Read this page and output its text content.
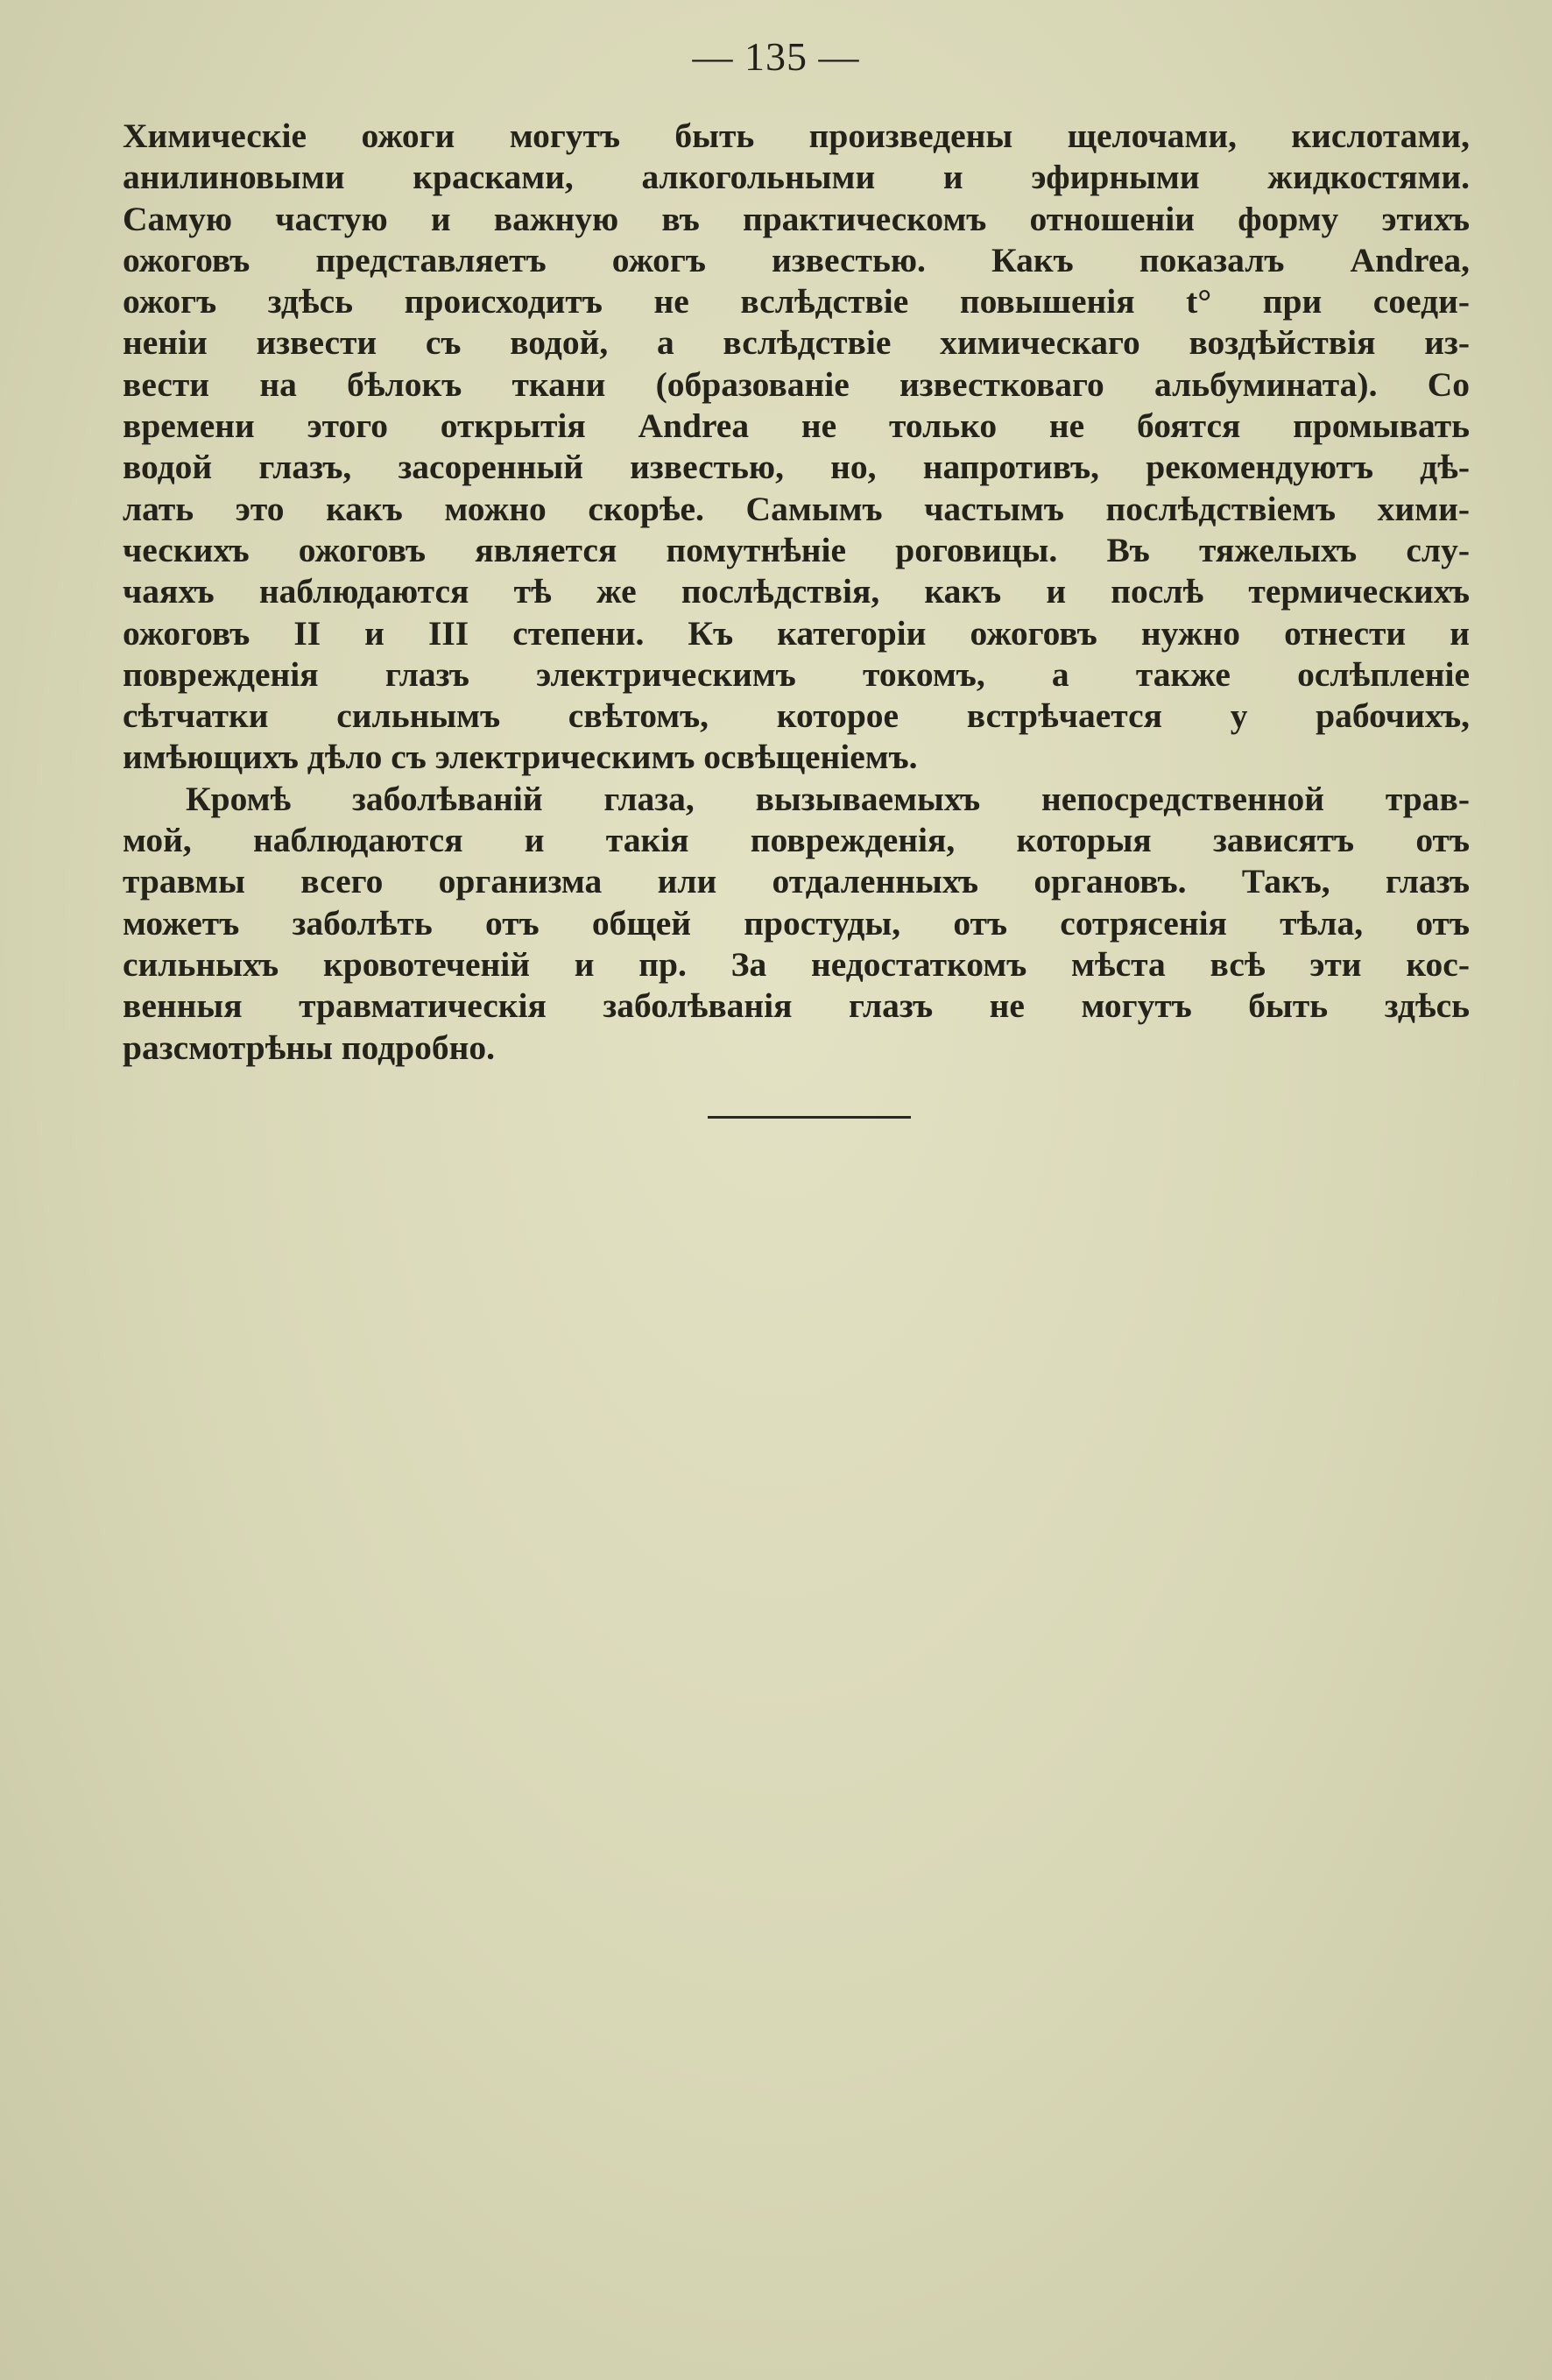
— 135 —

Химическіе ожоги могутъ быть произведены щелочами, кислотами,
анилиновыми красками, алкогольными и эфирными жидкостями.
Самую частую и важную въ практическомъ отношеніи форму этихъ
ожоговъ представляетъ ожогъ известью. Какъ показалъ Andrea,
ожогъ здѣсь происходитъ не вслѣдствіе повышенія t° при соеди-
неніи извести съ водой, а вслѣдствіе химическаго воздѣйствія из-
вести на бѣлокъ ткани (образованіе известковаго альбумината). Со
времени этого открытія Andrea не только не боятся промывать
водой глазъ, засоренный известью, но, напротивъ, рекомендуютъ дѣ-
лать это какъ можно скорѣе. Самымъ частымъ послѣдствіемъ хими-
ческихъ ожоговъ является помутнѣніе роговицы. Въ тяжелыхъ слу-
чаяхъ наблюдаются тѣ же послѣдствія, какъ и послѣ термическихъ
ожоговъ II и III степени. Къ категоріи ожоговъ нужно отнести и
поврежденія глазъ электрическимъ токомъ, а также ослѣпленіе
сѣтчатки сильнымъ свѣтомъ, которое встрѣчается у рабочихъ,
имѣющихъ дѣло съ электрическимъ освѣщеніемъ.

Кромѣ заболѣваній глаза, вызываемыхъ непосредственной трав-
мой, наблюдаются и такія поврежденія, которыя зависятъ отъ
травмы всего организма или отдаленныхъ органовъ. Такъ, глазъ
можетъ заболѣть отъ общей простуды, отъ сотрясенія тѣла, отъ
сильныхъ кровотеченій и пр. За недостаткомъ мѣста всѣ эти кос-
венныя травматическія заболѣванія глазъ не могутъ быть здѣсь
разсмотрѣны подробно.
